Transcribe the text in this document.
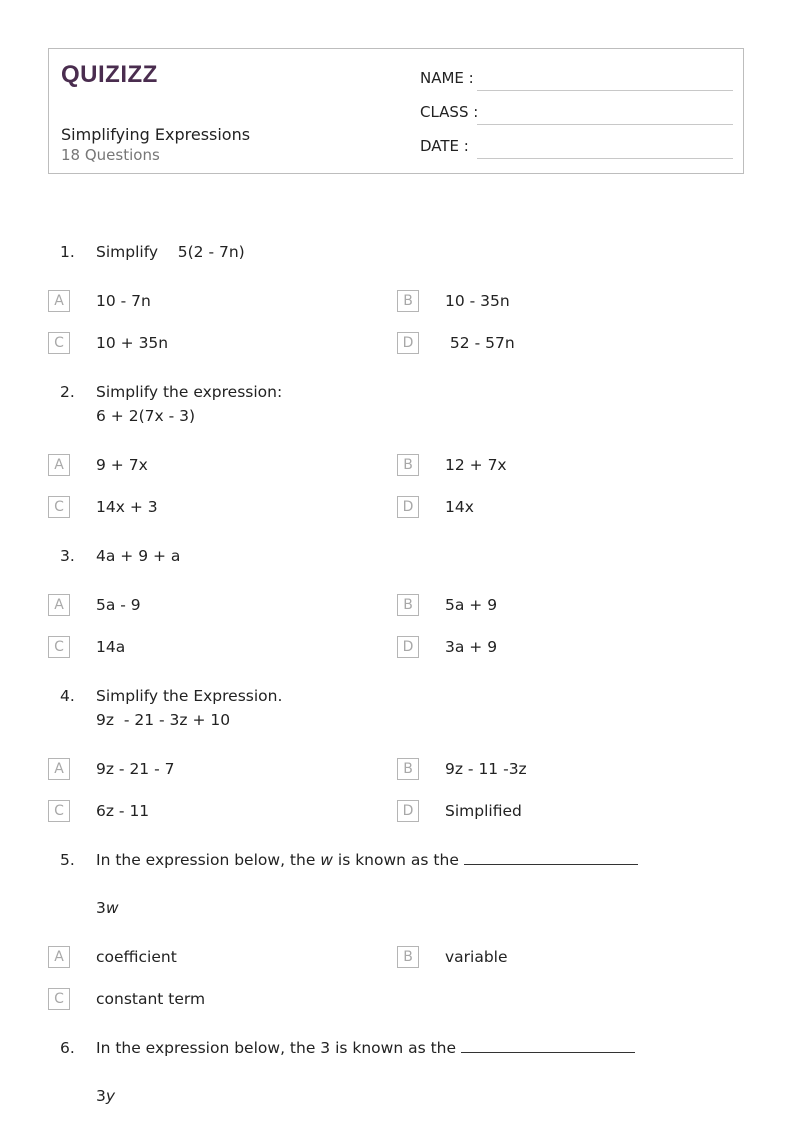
QUIZIZZ
Simplifying Expressions
18 Questions
NAME :
CLASS :
DATE :
1. Simplify    5(2 - 7n)
A	10 - 7n	B	10 - 35n
C	10 + 35n	D	52 - 57n
2. Simplify the expression:
6 + 2(7x - 3)
A	9 + 7x	B	12 + 7x
C	14x + 3	D	14x
3. 4a + 9 + a
A	5a - 9	B	5a + 9
C	14a	D	3a + 9
4. Simplify the Expression.
9z  - 21 - 3z + 10
A	9z - 21 - 7	B	9z - 11 -3z
C	6z - 11	D	Simplified
5. In the expression below, the w is known as the
3w
A	coefficient	B	variable
C	constant term
6. In the expression below, the 3 is known as the
3y
